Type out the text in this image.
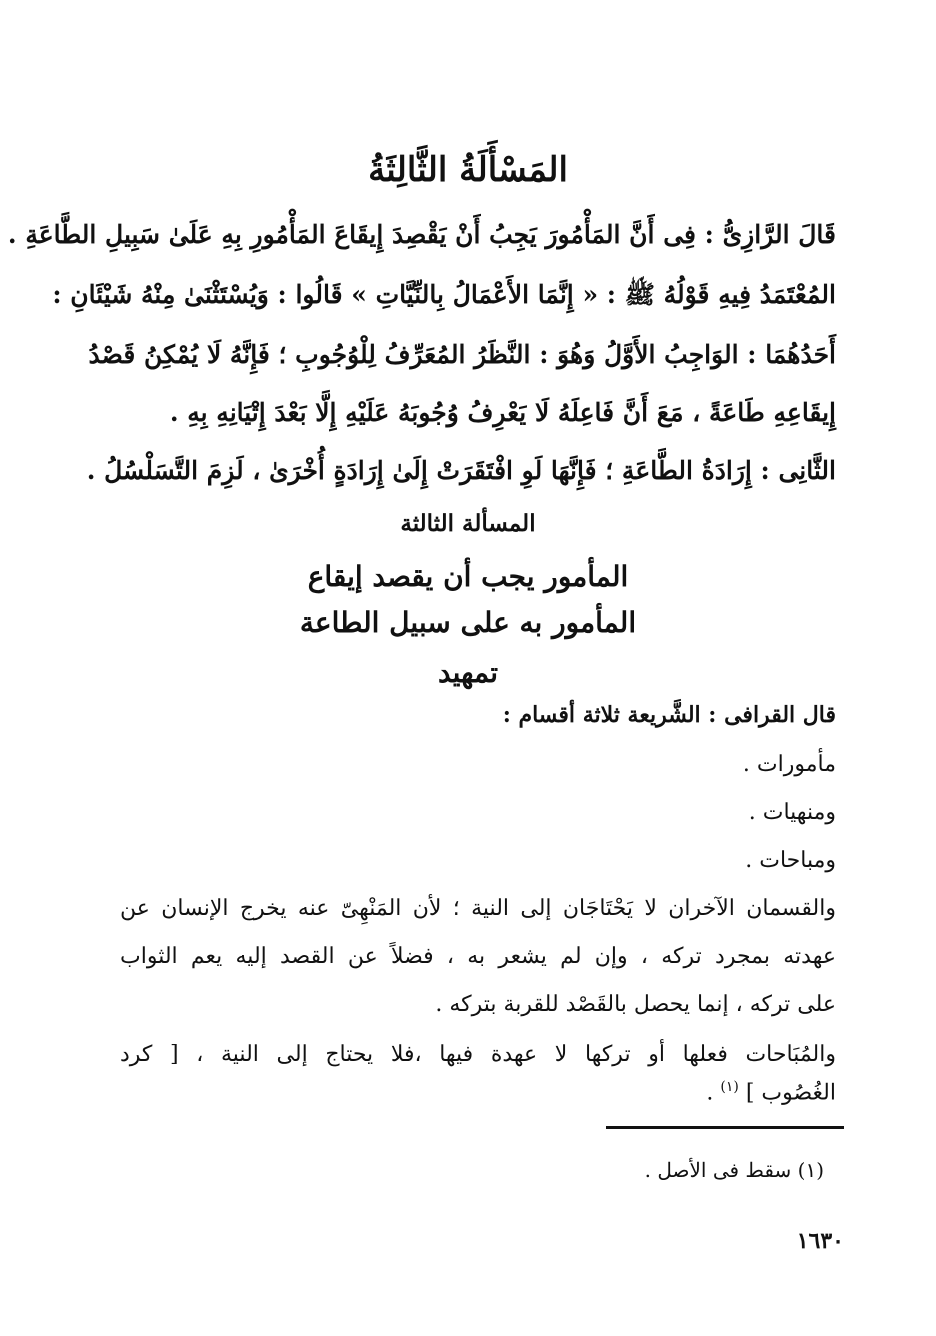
المَسْأَلَةُ الثَّالِثَةُ
قَالَ الرَّازِىُّ : فِى أَنَّ المَأْمُورَ يَجِبُ أَنْ يَقْصِدَ إِيقَاعَ المَأْمُورِ بِهِ عَلَىٰ سَبِيلِ الطَّاعَةِ .
المُعْتَمَدُ فِيهِ قَوْلُهُ ﷺ : « إِنَّمَا الأَعْمَالُ بِالنِّيَّاتِ » قَالُوا : وَيُسْتَثْنَىٰ مِنْهُ شَيْئَانِ :
أَحَدُهُمَا : الوَاجِبُ الأَوَّلُ وَهُوَ : النَّظَرُ المُعَرِّفُ لِلْوُجُوبِ ؛ فَإِنَّهُ لَا يُمْكِنُ قَصْدُ
إِيقَاعِهِ طَاعَةً ، مَعَ أَنَّ فَاعِلَهُ لَا يَعْرِفُ وُجُوبَهُ عَلَيْهِ إِلَّا بَعْدَ إِتْيَانِهِ بِهِ .
الثَّانِى : إِرَادَةُ الطَّاعَةِ ؛ فَإِنَّهَا لَوِ افْتَقَرَتْ إِلَىٰ إِرَادَةٍ أُخْرَىٰ ، لَزِمَ التَّسَلْسُلُ .
المسألة الثالثة
المأمور يجب أن يقصد إيقاع
المأمور به على سبيل الطاعة
تمهيد
قال القرافى : الشَّريعة ثلاثة أقسام :
مأمورات .
ومنهيات .
ومباحات .
والقسمان الآخران لا يَحْتَاجَان إلى النية ؛ لأن المَنْهِىّ عنه يخرج الإنسان عن
عهدته بمجرد تركه ، وإن لم يشعر به ، فضلاً عن القصد إليه يعم الثواب
على تركه ، إنما يحصل بالقَصْد للقربة بتركه .
والمُبَاحات فعلها أو تركها لا عهدة فيها ،فلا يحتاج إلى النية ، [ كرد
الغُصُوب ] $^{(١)}$ .
(١) سقط فى الأصل .
١٦٣٠
